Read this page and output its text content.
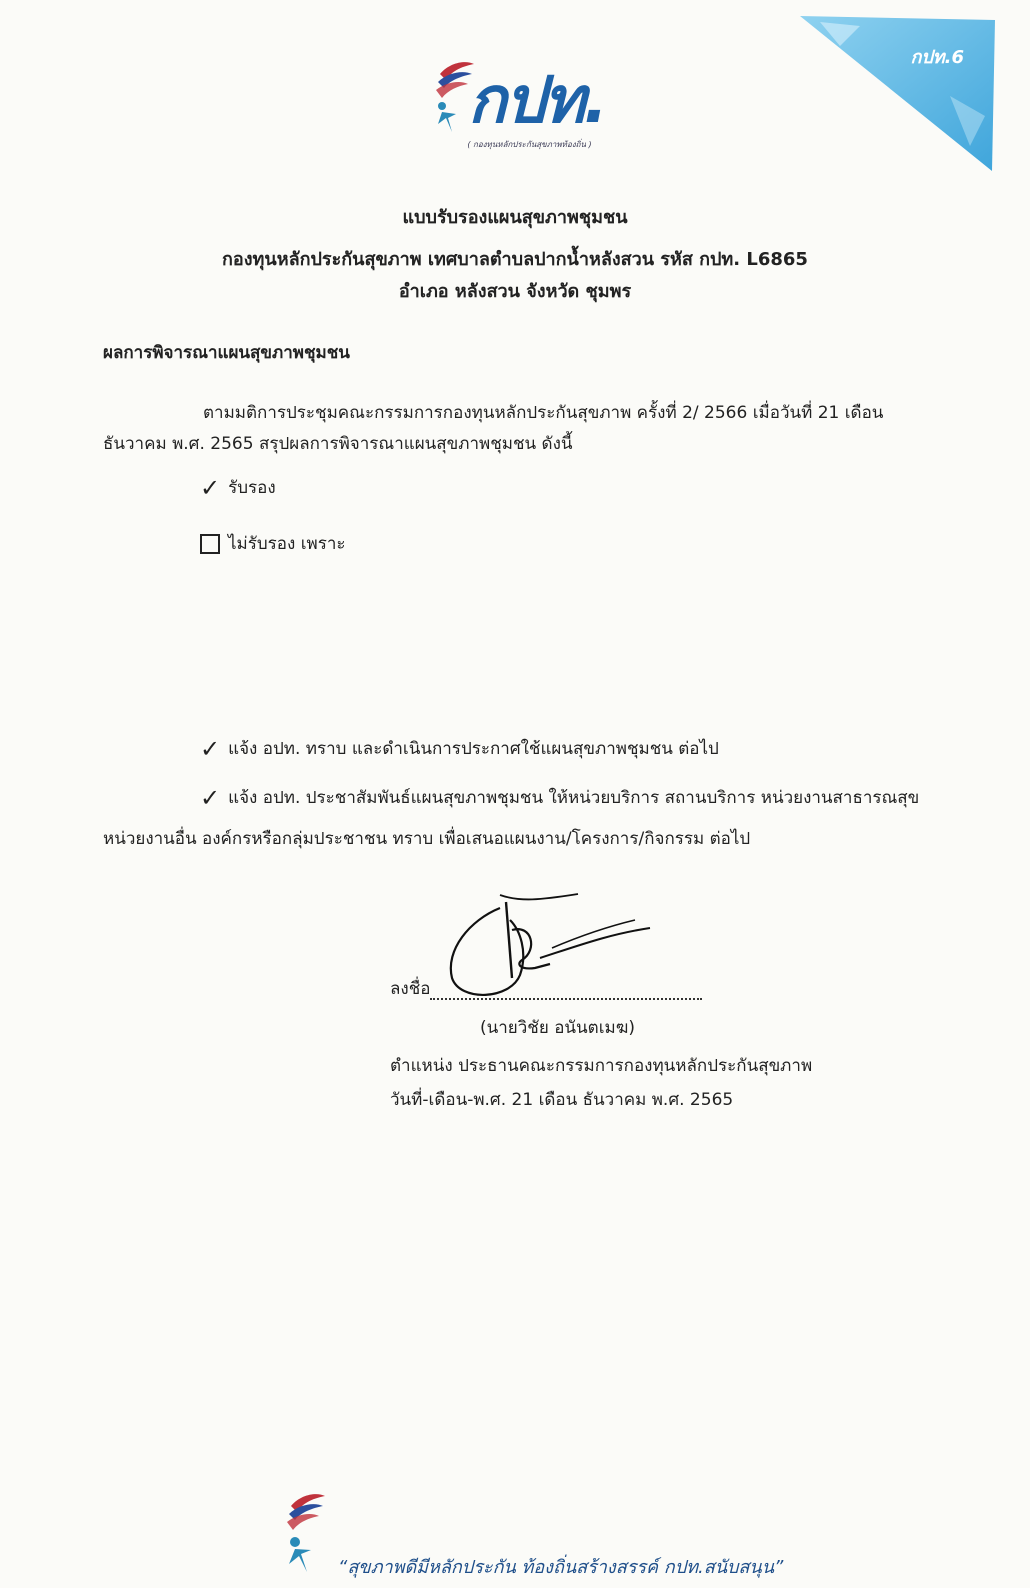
กปท.6
กปท.
( กองทุนหลักประกันสุขภาพท้องถิ่น )
แบบรับรองแผนสุขภาพชุมชน
กองทุนหลักประกันสุขภาพ เทศบาลตำบลปากน้ำหลังสวน รหัส กปท. L6865
อำเภอ หลังสวน จังหวัด ชุมพร
ผลการพิจารณาแผนสุขภาพชุมชน
ตามมติการประชุมคณะกรรมการกองทุนหลักประกันสุขภาพ ครั้งที่ 2/ 2566 เมื่อวันที่ 21 เดือน
ธันวาคม พ.ศ. 2565 สรุปผลการพิจารณาแผนสุขภาพชุมชน ดังนี้
✓ รับรอง
ไม่รับรอง เพราะ
✓ แจ้ง อปท. ทราบ และดำเนินการประกาศใช้แผนสุขภาพชุมชน ต่อไป
✓ แจ้ง อปท. ประชาสัมพันธ์แผนสุขภาพชุมชน ให้หน่วยบริการ สถานบริการ หน่วยงานสาธารณสุข
หน่วยงานอื่น องค์กรหรือกลุ่มประชาชน ทราบ เพื่อเสนอแผนงาน/โครงการ/กิจกรรม ต่อไป
ลงชื่อ
(นายวิชัย อนันตเมฆ)
ตำแหน่ง ประธานคณะกรรมการกองทุนหลักประกันสุขภาพ
วันที่-เดือน-พ.ศ. 21 เดือน ธันวาคม พ.ศ. 2565
“สุขภาพดีมีหลักประกัน ท้องถิ่นสร้างสรรค์ กปท.สนับสนุน”
